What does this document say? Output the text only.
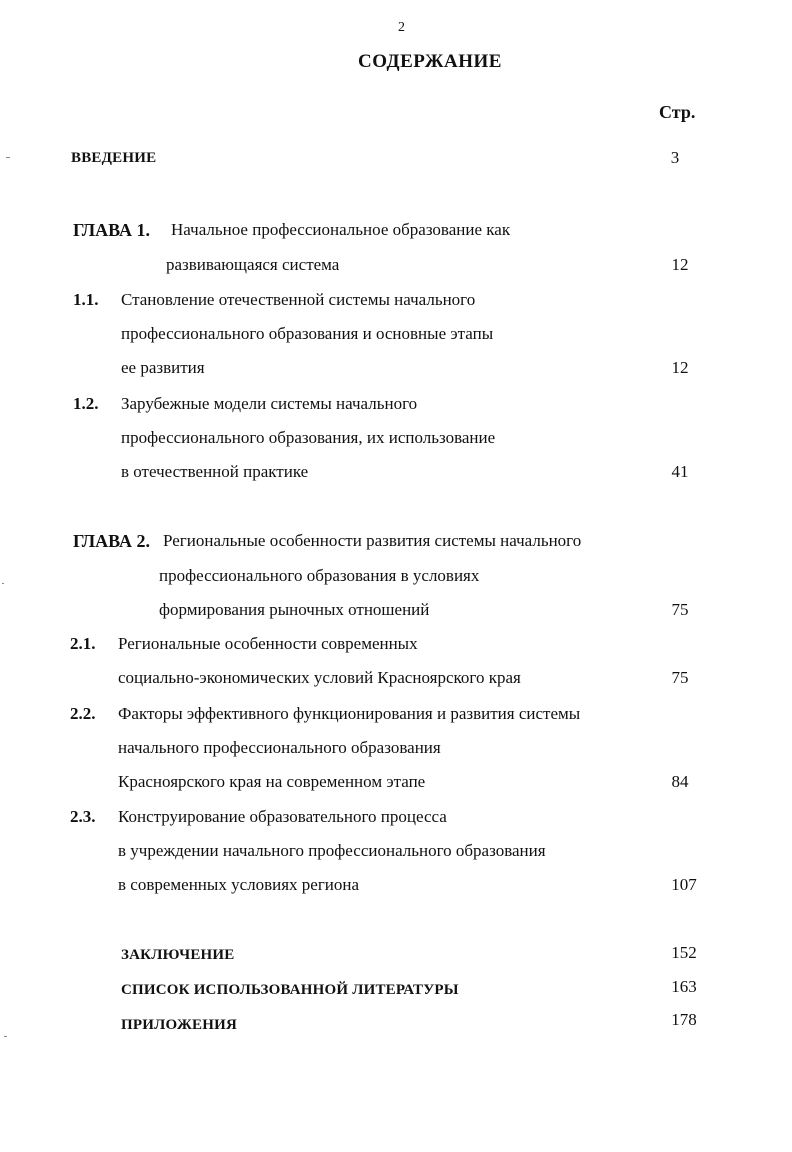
2
СОДЕРЖАНИЕ
Стр.
ВВЕДЕНИЕ	3
ГЛАВА 1. Начальное профессиональное образование как
развивающаяся система	12
1.1. Становление отечественной системы начального
профессионального образования и основные этапы
ее развития	12
1.2. Зарубежные модели системы начального
профессионального образования, их использование
в отечественной практике	41
ГЛАВА 2. Региональные особенности развития системы начального
профессионального образования в условиях
формирования рыночных отношений	75
2.1. Региональные особенности современных
социально-экономических условий Красноярского края	75
2.2. Факторы эффективного функционирования и развития системы
начального профессионального образования
Красноярского края на современном этапе	84
2.3. Конструирование образовательного процесса
в учреждении начального профессионального образования
в современных условиях региона	107
ЗАКЛЮЧЕНИЕ	152
СПИСОК ИСПОЛЬЗОВАННОЙ ЛИТЕРАТУРЫ	163
ПРИЛОЖЕНИЯ	178
